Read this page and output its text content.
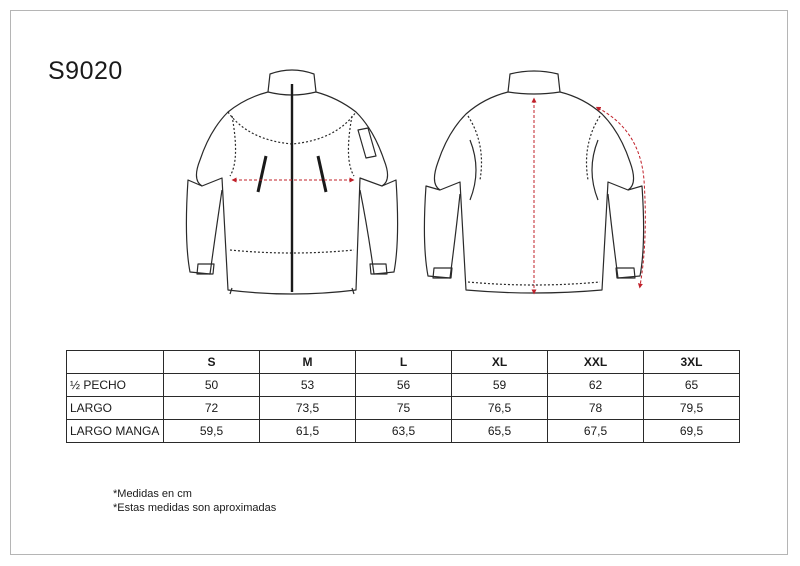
S9020
	S	M	L	XL	XXL	3XL
½ PECHO	50	53	56	59	62	65
LARGO	72	73,5	75	76,5	78	79,5
LARGO MANGA	59,5	61,5	63,5	65,5	67,5	69,5
*Medidas en cm
*Estas medidas son aproximadas
